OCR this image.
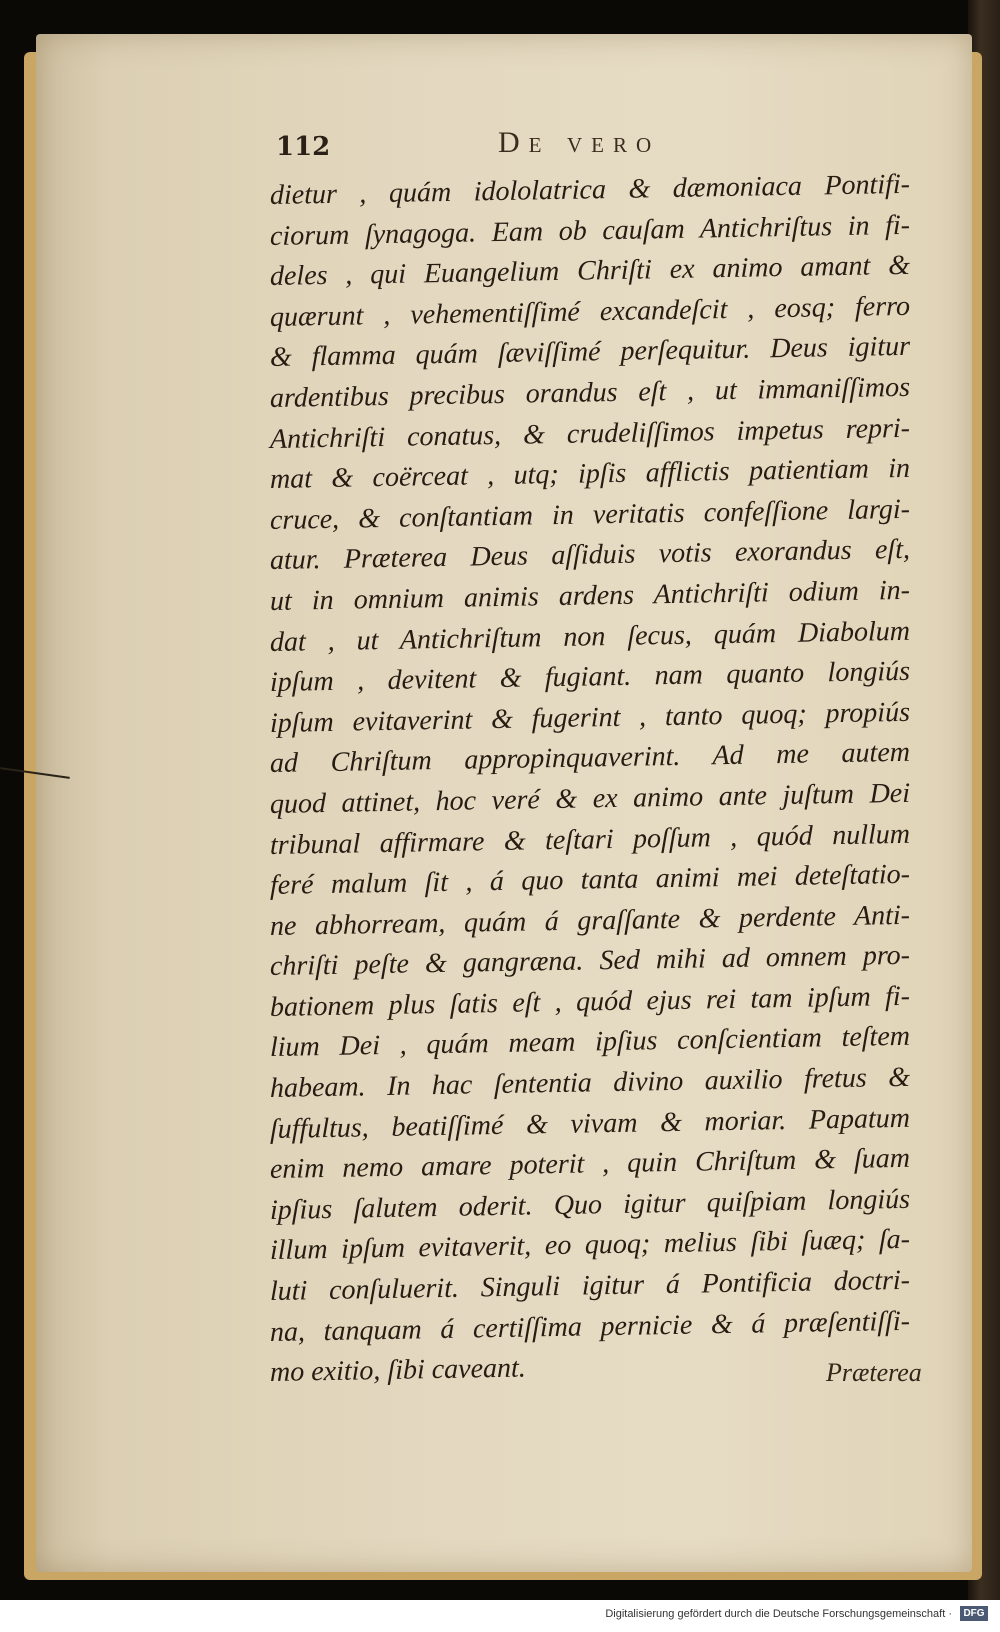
112	De vero
dietur , quám idololatrica & dæmoniaca Pontifi-
ciorum ſynagoga. Eam ob cauſam Antichriſtus in fi-
deles , qui Euangelium Chriſti ex animo amant &
quærunt , vehementiſſimé excandeſcit , eosq; ferro
& flamma quám ſæviſſimé perſequitur. Deus igitur
ardentibus precibus orandus eſt , ut immaniſſimos
Antichriſti conatus, & crudeliſſimos impetus repri-
mat & coërceat , utq; ipſis afflictis patientiam in
cruce, & conſtantiam in veritatis confeſſione largi-
atur. Præterea Deus aſſiduis votis exorandus eſt,
ut in omnium animis ardens Antichriſti odium in-
dat , ut Antichriſtum non ſecus, quám Diabolum
ipſum , devitent & fugiant. nam quanto longiús
ipſum evitaverint & fugerint , tanto quoq; propiús
ad Chriſtum appropinquaverint. Ad me autem
quod attinet, hoc veré & ex animo ante juſtum Dei
tribunal affirmare & teſtari poſſum , quód nullum
feré malum ſit , á quo tanta animi mei deteſtatio-
ne abhorream, quám á graſſante & perdente Anti-
chriſti peſte & gangræna. Sed mihi ad omnem pro-
bationem plus ſatis eſt , quód ejus rei tam ipſum fi-
lium Dei , quám meam ipſius conſcientiam teſtem
habeam. In hac ſententia divino auxilio fretus &
ſuffultus, beatiſſimé & vivam & moriar. Papatum
enim nemo amare poterit , quin Chriſtum & ſuam
ipſius ſalutem oderit. Quo igitur quiſpiam longiús
illum ipſum evitaverit, eo quoq; melius ſibi ſuæq; ſa-
luti conſuluerit. Singuli igitur á Pontificia doctri-
na, tanquam á certiſſima pernicie & á præſentiſſi-
mo exitio, ſibi caveant.	Præterea
Digitalisierung gefördert durch die Deutsche Forschungsgemeinschaft ·	DFG
